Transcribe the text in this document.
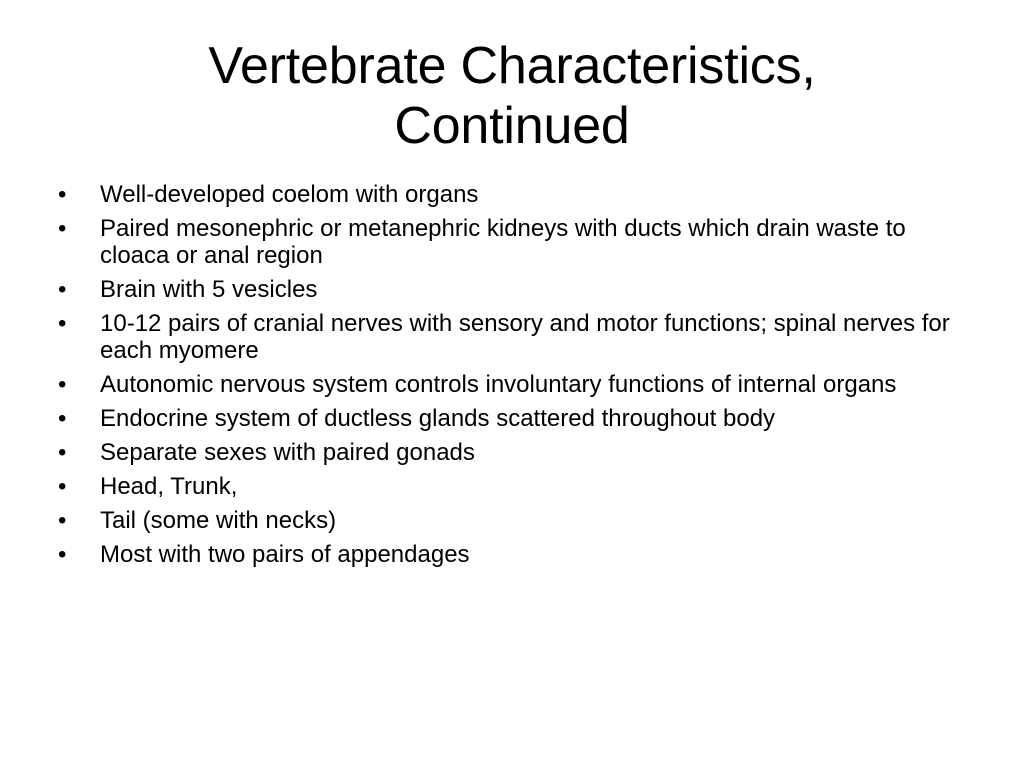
Vertebrate Characteristics,
Continued
•	Well-developed coelom with organs
•	Paired mesonephric or metanephric kidneys with ducts which drain waste to cloaca or anal region
•	Brain with 5 vesicles
•	10-12 pairs of cranial nerves with sensory and motor functions; spinal nerves for each myomere
•	Autonomic nervous system controls involuntary functions of internal organs
•	Endocrine system of ductless glands scattered throughout body
•	Separate sexes with paired gonads
•	Head, Trunk,
•	Tail (some with necks)
•	Most with two pairs of appendages
